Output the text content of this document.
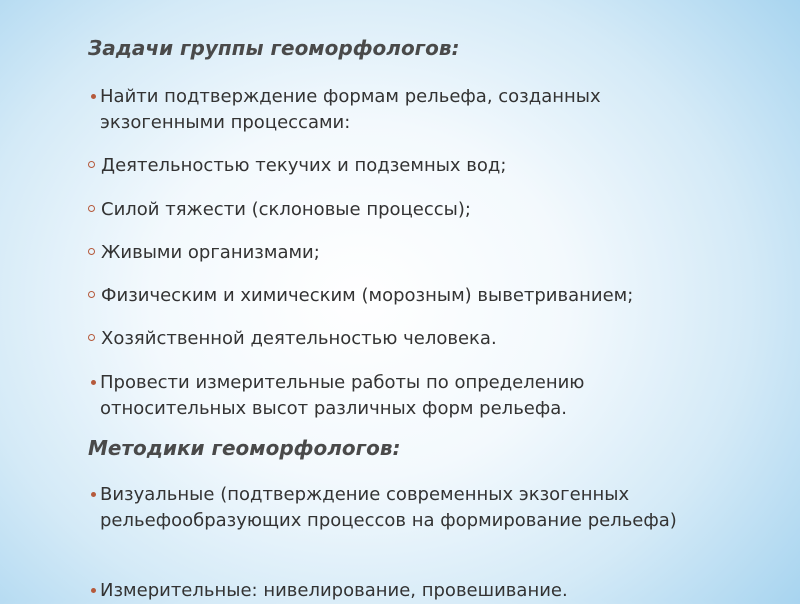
Задачи группы геоморфологов:
Найти подтверждение формам рельефа, созданных экзогенными процессами:
Деятельностью текучих и подземных вод;
Силой тяжести (склоновые процессы);
Живыми организмами;
Физическим и химическим (морозным) выветриванием;
Хозяйственной деятельностью человека.
Провести измерительные работы по определению относительных высот различных форм рельефа.
Методики геоморфологов:
Визуальные (подтверждение современных экзогенных рельефообразующих процессов на формирование рельефа)
Измерительные: нивелирование, провешивание.
